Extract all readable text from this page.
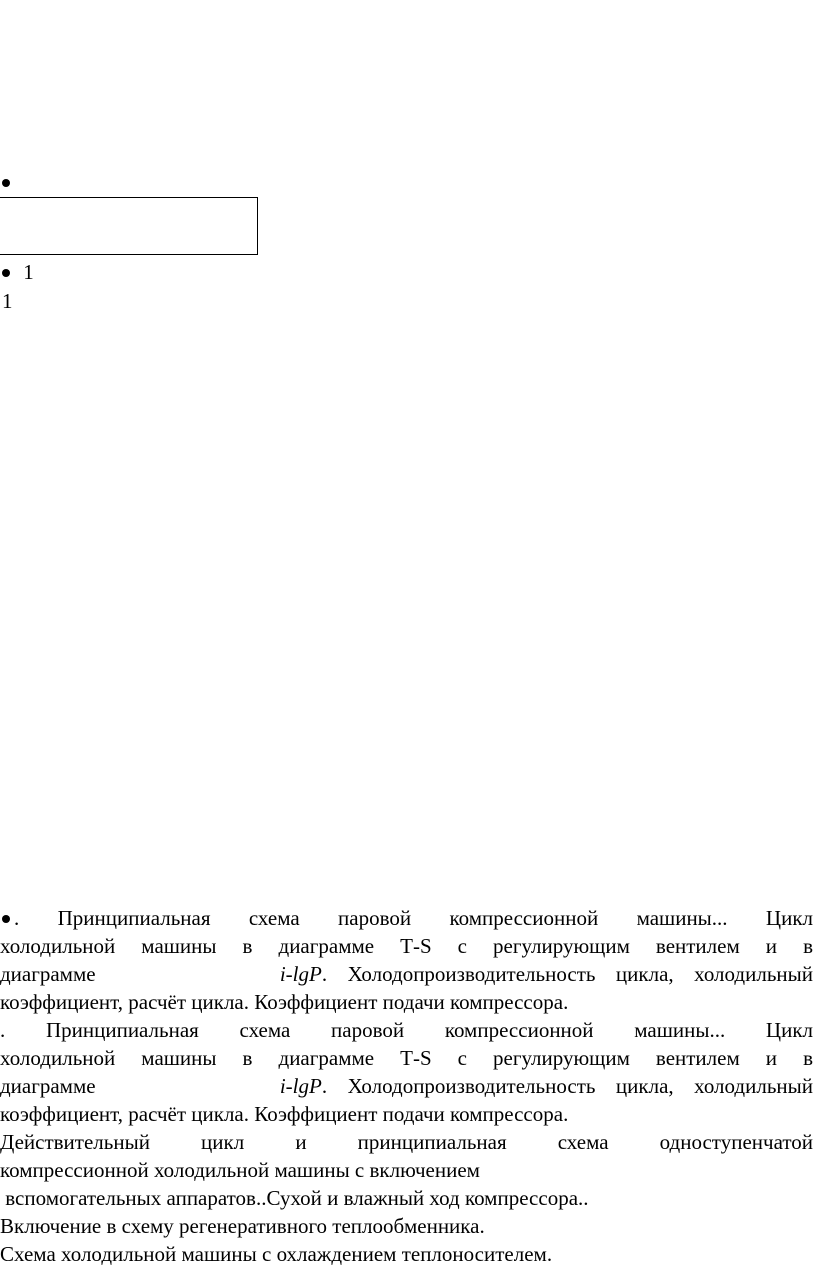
1
1
. Принципиальная схема паровой компрессионной машины... Цикл
холодильной машины в диаграмме Т-S с регулирующим вентилем и в
диаграмме	i-lgP. Холодопроизводительность цикла, холодильный
коэффициент, расчёт цикла. Коэффициент подачи компрессора.
. Принципиальная схема паровой компрессионной машины... Цикл
холодильной машины в диаграмме Т-S с регулирующим вентилем и в
диаграмме	i-lgP. Холодопроизводительность цикла, холодильный
коэффициент, расчёт цикла. Коэффициент подачи компрессора.
Действительный цикл и принципиальная схема одноступенчатой
компрессионной холодильной машины с включением
вспомогательных аппаратов..Сухой и влажный ход компрессора..
Включение в схему регенеративного теплообменника.
Схема холодильной машины с охлаждением теплоносителем.
